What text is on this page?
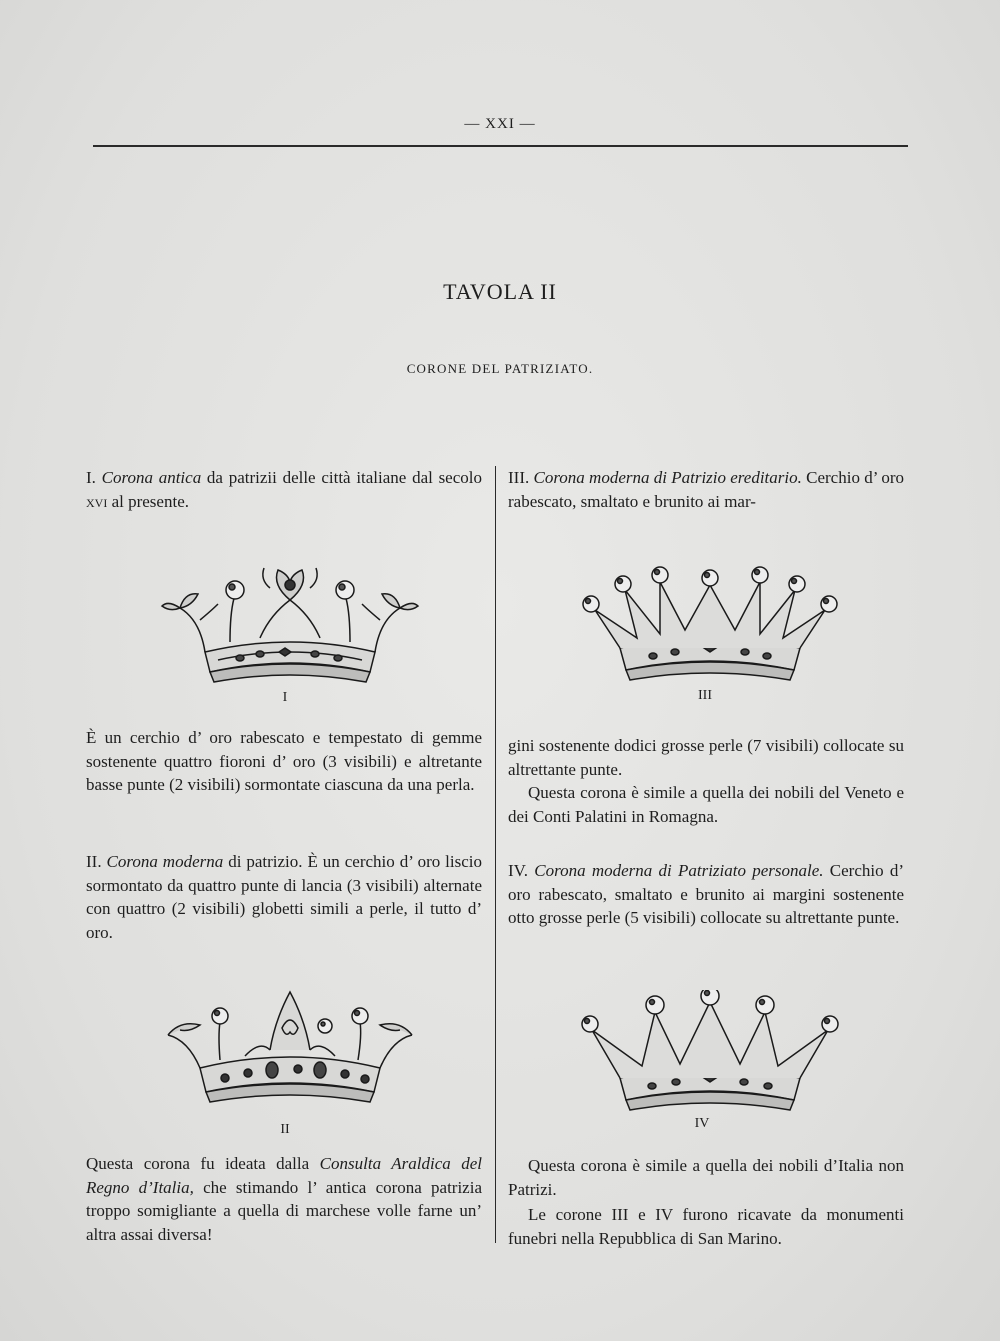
— XXI —
TAVOLA II
CORONE DEL PATRIZIATO.

I. Corona antica da patrizii delle città italiane dal secolo xvi al presente.

I

È un cerchio d’ oro rabescato e tempestato di gemme sostenente quattro fioroni d’ oro (3 visibili) e altretante basse punte (2 visibili) sormontate ciascuna da una perla.

II. Corona moderna di patrizio. È un cerchio d’ oro liscio sormontato da quattro punte di lancia (3 visibili) alternate con quattro (2 visibili) globetti simili a perle, il tutto d’ oro.

II

Questa corona fu ideata dalla Consulta Araldica del Regno d’Italia, che stimando l’ antica corona patrizia troppo somigliante a quella di marchese volle farne un’ altra assai diversa!

III. Corona moderna di Patrizio ereditario. Cerchio d’ oro rabescato, smaltato e brunito ai mar-

III

gini sostenente dodici grosse perle (7 visibili) collocate su altrettante punte.

Questa corona è simile a quella dei nobili del Veneto e dei Conti Palatini in Romagna.

IV. Corona moderna di Patriziato personale. Cerchio d’ oro rabescato, smaltato e brunito ai margini sostenente otto grosse perle (5 visibili) collocate su altrettante punte.

IV

Questa corona è simile a quella dei nobili d’Italia non Patrizi.

Le corone III e IV furono ricavate da monumenti funebri nella Repubblica di San Marino.
